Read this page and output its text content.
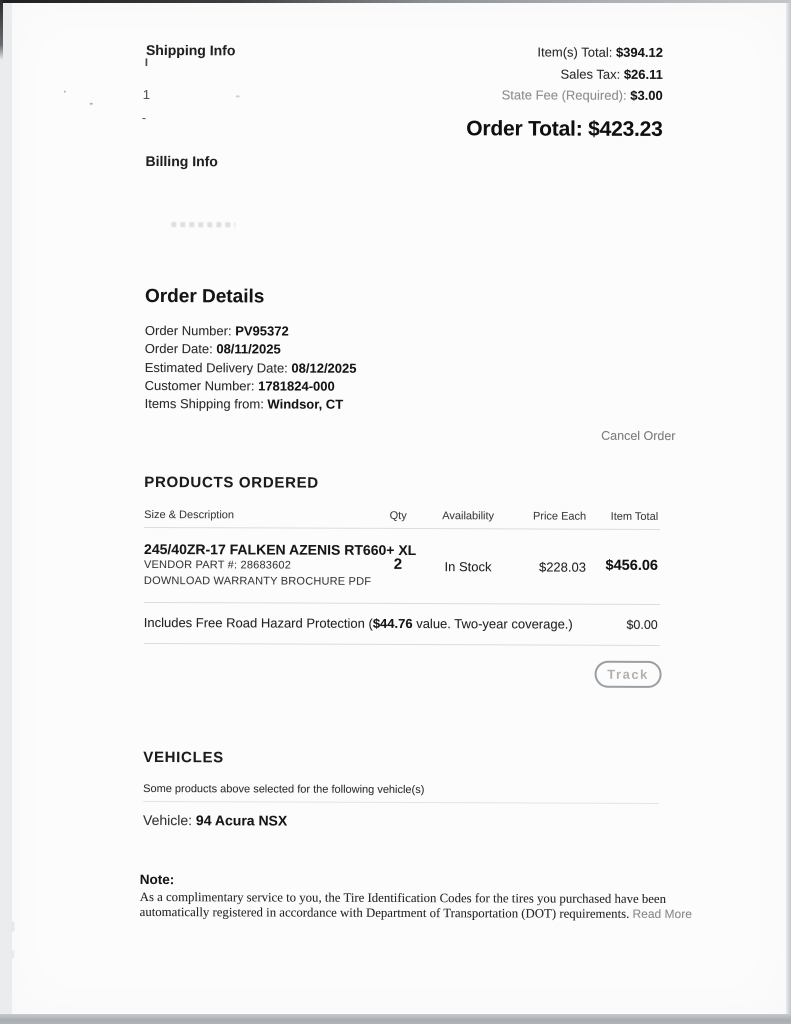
Shipping Info
I
1
-
Billing Info
Item(s) Total: $394.12
Sales Tax: $26.11
State Fee (Required): $3.00
Order Total: $423.23
Order Details
Order Number: PV95372
Order Date: 08/11/2025
Estimated Delivery Date: 08/12/2025
Customer Number: 1781824-000
Items Shipping from: Windsor, CT
Cancel Order
PRODUCTS ORDERED
Size & Description	Qty	Availability	Price Each	Item Total
245/40ZR-17 FALKEN AZENIS RT660+ XL
VENDOR PART #: 28683602
DOWNLOAD WARRANTY BROCHURE PDF
2	In Stock	$228.03	$456.06
Includes Free Road Hazard Protection ($44.76 value. Two-year coverage.)	$0.00
Track
VEHICLES
Some products above selected for the following vehicle(s)
Vehicle: 94 Acura NSX
Note:
As a complimentary service to you, the Tire Identification Codes for the tires you purchased have been
automatically registered in accordance with Department of Transportation (DOT) requirements. Read More
